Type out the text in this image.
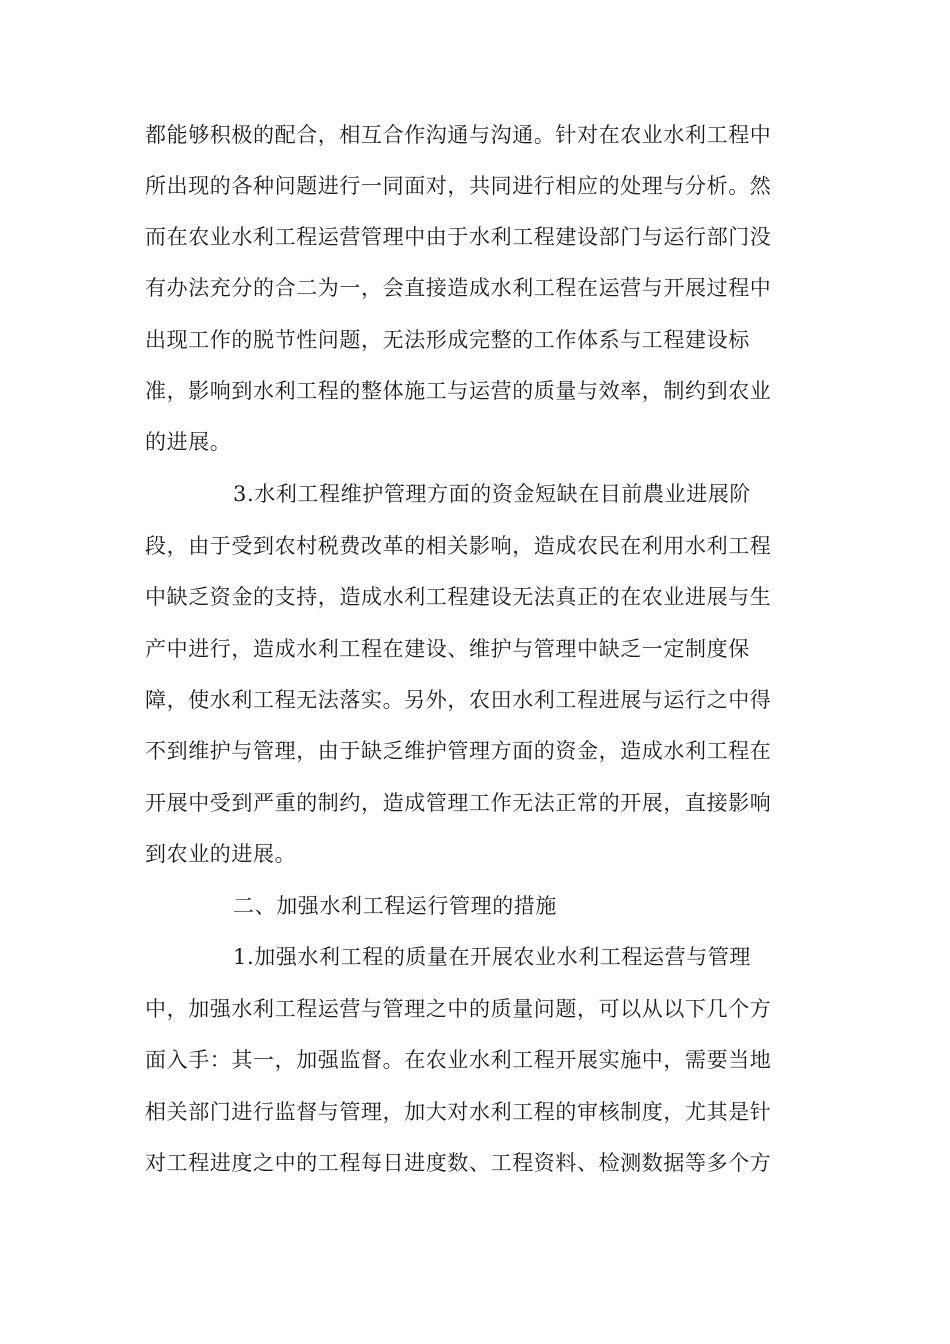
都能够积极的配合，相互合作沟通与沟通。针对在农业水利工程中
所出现的各种问题进行一同面对，共同进行相应的处理与分析。然
而在农业水利工程运营管理中由于水利工程建设部门与运行部门没
有办法充分的合二为一，会直接造成水利工程在运营与开展过程中
出现工作的脱节性问题，无法形成完整的工作体系与工程建设标
准，影响到水利工程的整体施工与运营的质量与效率，制约到农业
的进展。
3.水利工程维护管理方面的资金短缺在目前農业进展阶
段，由于受到农村税费改革的相关影响，造成农民在利用水利工程
中缺乏资金的支持，造成水利工程建设无法真正的在农业进展与生
产中进行，造成水利工程在建设、维护与管理中缺乏一定制度保
障，使水利工程无法落实。另外，农田水利工程进展与运行之中得
不到维护与管理，由于缺乏维护管理方面的资金，造成水利工程在
开展中受到严重的制约，造成管理工作无法正常的开展，直接影响
到农业的进展。
二、加强水利工程运行管理的措施
1.加强水利工程的质量在开展农业水利工程运营与管理
中，加强水利工程运营与管理之中的质量问题，可以从以下几个方
面入手：其一，加强监督。在农业水利工程开展实施中，需要当地
相关部门进行监督与管理，加大对水利工程的审核制度，尤其是针
对工程进度之中的工程每日进度数、工程资料、检测数据等多个方
